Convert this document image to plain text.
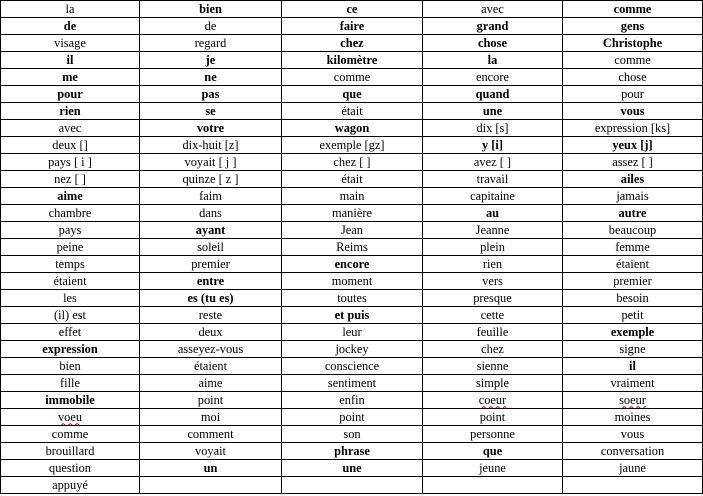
la	bien	ce	avec	comme
de	de	faire	grand	gens
visage	regard	chez	chose	Christophe
il	je	kilomètre	la	comme
me	ne	comme	encore	chose
pour	pas	que	quand	pour
rien	se	était	une	vous
avec	votre	wagon	dix [s]	expression [ks]
deux []	dix-huit [z]	exemple [gz]	y [i]	yeux [j]
pays [ i ]	voyait [ j ]	chez [ ]	avez [ ]	assez [ ]
nez [ ]	quinze [ z ]	était	travail	ailes
aime	faim	main	capitaine	jamais
chambre	dans	manière	au	autre
pays	ayant	Jean	Jeanne	beaucoup
peine	soleil	Reims	plein	femme
temps	premier	encore	rien	étaient
étaient	entre	moment	vers	premier
les	es (tu es)	toutes	presque	besoin
(il) est	reste	et puis	cette	petit
effet	deux	leur	feuille	exemple
expression	asseyez-vous	jockey	chez	signe
bien	étaient	conscience	sienne	il
fille	aime	sentiment	simple	vraiment
immobile	point	enfin	coeur	soeur
voeu	moi	point	point	moines
comme	comment	son	personne	vous
brouillard	voyait	phrase	que	conversation
question	un	une	jeune	jaune
appuyé				
